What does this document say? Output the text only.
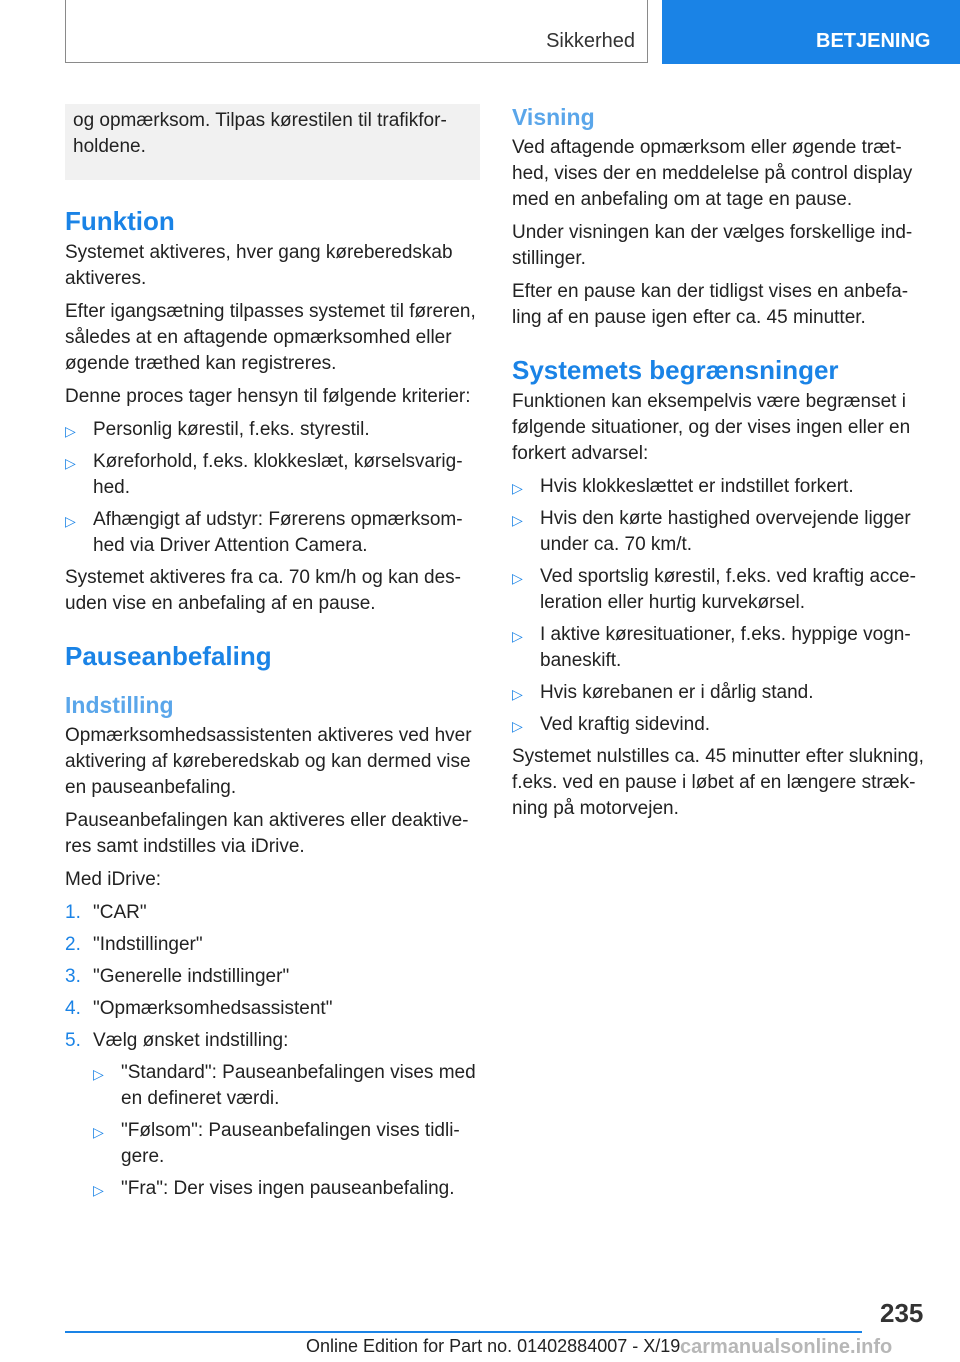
Sikkerhed	BETJENING
og opmærksom. Tilpas kørestilen til trafikfor-holdene.
Funktion

Systemet aktiveres, hver gang køreberedskab aktiveres.

Efter igangsætning tilpasses systemet til føreren, således at en aftagende opmærksomhed eller øgende træthed kan registreres.

Denne proces tager hensyn til følgende kriterier:

▷ Personlig kørestil, f.eks. styrestil.
▷ Køreforhold, f.eks. klokkeslæt, kørselsvarig-hed.
▷ Afhængigt af udstyr: Førerens opmærksom-hed via Driver Attention Camera.

Systemet aktiveres fra ca. 70 km/h og kan des-uden vise en anbefaling af en pause.

Pauseanbefaling
Indstilling

Opmærksomhedsassistenten aktiveres ved hver aktivering af køreberedskab og kan dermed vise en pauseanbefaling.

Pauseanbefalingen kan aktiveres eller deaktive-res samt indstilles via iDrive.

Med iDrive:

1. "CAR"
2. "Indstillinger"
3. "Generelle indstillinger"
4. "Opmærksomhedsassistent"
5. Vælg ønsket indstilling:
▷ "Standard": Pauseanbefalingen vises med en defineret værdi.
▷ "Følsom": Pauseanbefalingen vises tidli-gere.
▷ "Fra": Der vises ingen pauseanbefaling.
Visning

Ved aftagende opmærksom eller øgende træt-hed, vises der en meddelelse på control display med en anbefaling om at tage en pause.

Under visningen kan der vælges forskellige ind-stillinger.

Efter en pause kan der tidligst vises en anbefa-ling af en pause igen efter ca. 45 minutter.

Systemets begrænsninger

Funktionen kan eksempelvis være begrænset i følgende situationer, og der vises ingen eller en forkert advarsel:

▷ Hvis klokkeslættet er indstillet forkert.
▷ Hvis den kørte hastighed overvejende ligger under ca. 70 km/t.
▷ Ved sportslig kørestil, f.eks. ved kraftig acce-leration eller hurtig kurvekørsel.
▷ I aktive køresituationer, f.eks. hyppige vogn-baneskift.
▷ Hvis kørebanen er i dårlig stand.
▷ Ved kraftig sidevind.

Systemet nulstilles ca. 45 minutter efter slukning, f.eks. ved en pause i løbet af en længere stræk-ning på motorvejen.

235
Online Edition for Part no. 01402884007 - X/19 carmanualsonline.info
